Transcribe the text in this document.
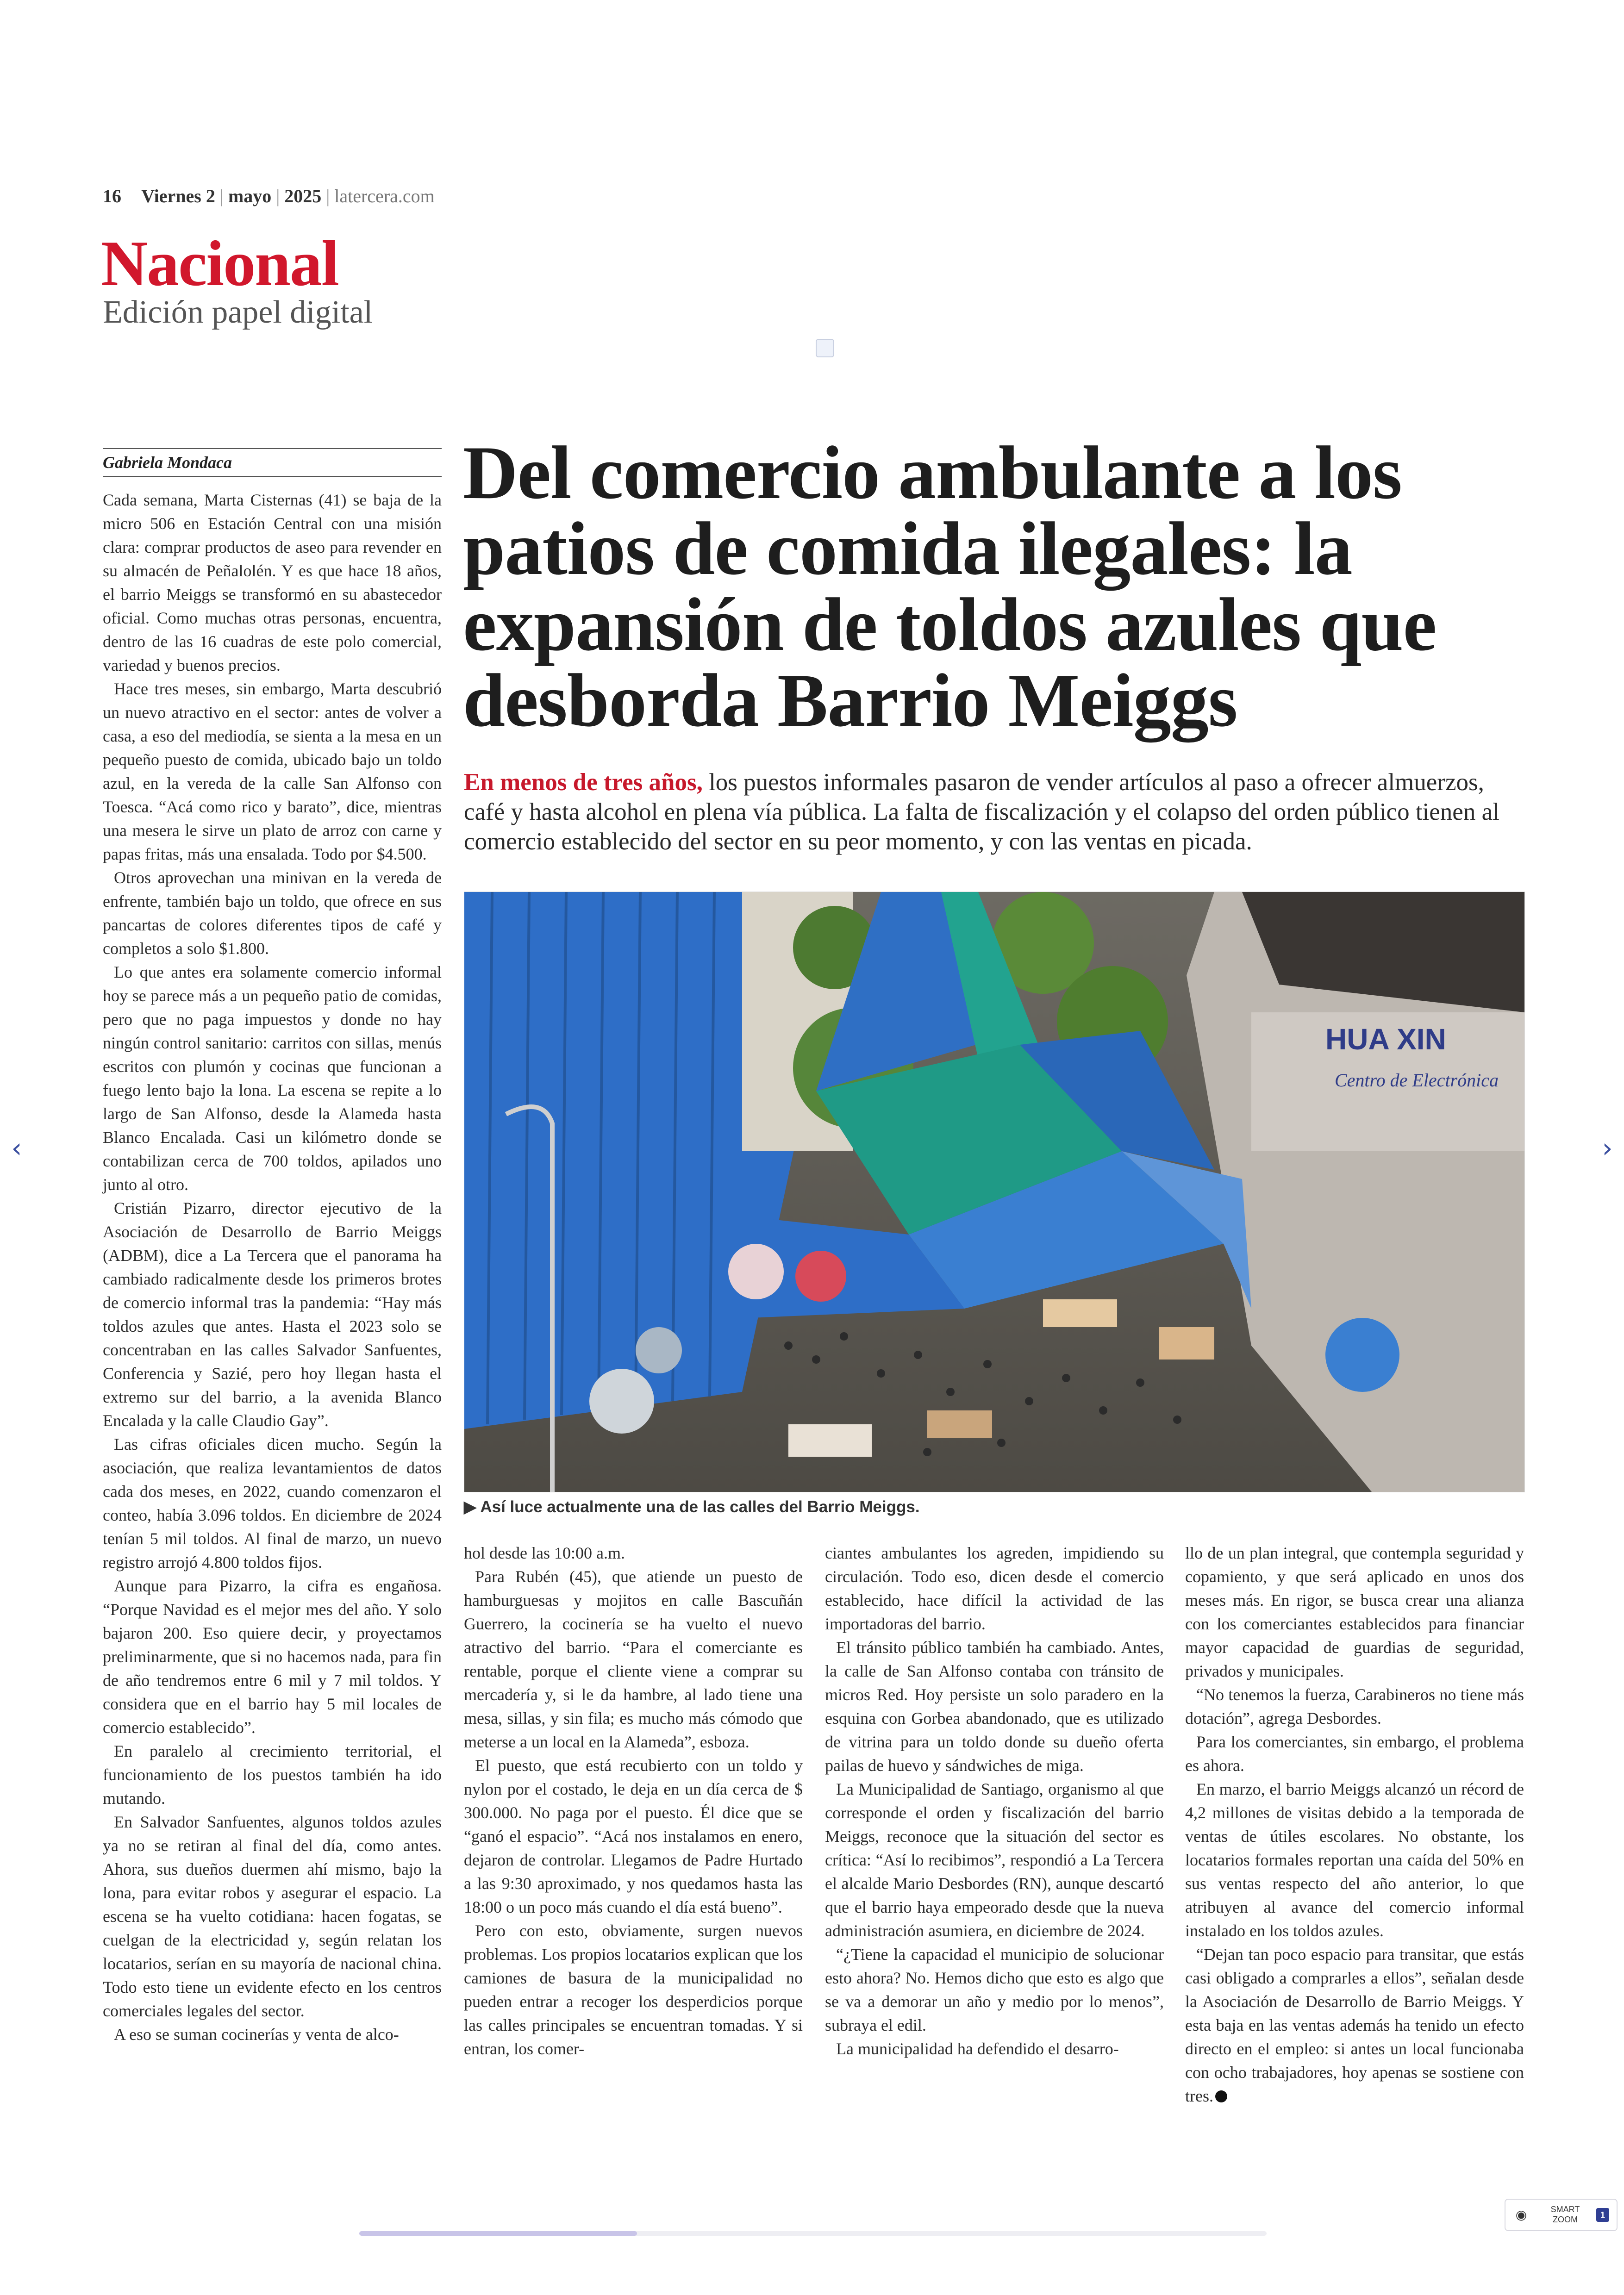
16 Viernes 2 | mayo | 2025 | latercera.com
Nacional
Edición papel digital
‹	›
Gabriela Mondaca	Del comercio ambulante a los patios de comida ilegales: la expansión de toldos azules que desborda Barrio Meiggs
En menos de tres años, los puestos informales pasaron de vender artículos al paso a ofrecer almuerzos, café y hasta alcohol en plena vía pública. La falta de fiscalización y el colapso del orden público tienen al comercio establecido del sector en su peor momento, y con las ventas en picada.
HUA XIN
Centro de Electrónica
▶ Así luce actualmente una de las calles del Barrio Meiggs.

Cada semana, Marta Cisternas (41) se baja de la micro 506 en Estación Central con una misión clara: comprar productos de aseo para revender en su almacén de Peñalolén. Y es que hace 18 años, el barrio Meiggs se transformó en su abastecedor oficial. Como muchas otras personas, encuentra, dentro de las 16 cuadras de este polo comercial, variedad y buenos precios.

Hace tres meses, sin embargo, Marta descubrió un nuevo atractivo en el sector: antes de volver a casa, a eso del mediodía, se sienta a la mesa en un pequeño puesto de comida, ubicado bajo un toldo azul, en la vereda de la calle San Alfonso con Toesca. “Acá como rico y barato”, dice, mientras una mesera le sirve un plato de arroz con carne y papas fritas, más una ensalada. Todo por $4.500.

Otros aprovechan una minivan en la vereda de enfrente, también bajo un toldo, que ofrece en sus pancartas de colores diferentes tipos de café y completos a solo $1.800.

Lo que antes era solamente comercio informal hoy se parece más a un pequeño patio de comidas, pero que no paga impuestos y donde no hay ningún control sanitario: carritos con sillas, menús escritos con plumón y cocinas que funcionan a fuego lento bajo la lona. La escena se repite a lo largo de San Alfonso, desde la Alameda hasta Blanco Encalada. Casi un kilómetro donde se contabilizan cerca de 700 toldos, apilados uno junto al otro.

Cristián Pizarro, director ejecutivo de la Asociación de Desarrollo de Barrio Meiggs (ADBM), dice a La Tercera que el panorama ha cambiado radicalmente desde los primeros brotes de comercio informal tras la pandemia: “Hay más toldos azules que antes. Hasta el 2023 solo se concentraban en las calles Salvador Sanfuentes, Conferencia y Sazié, pero hoy llegan hasta el extremo sur del barrio, a la avenida Blanco Encalada y la calle Claudio Gay”.

Las cifras oficiales dicen mucho. Según la asociación, que realiza levantamientos de datos cada dos meses, en 2022, cuando comenzaron el conteo, había 3.096 toldos. En diciembre de 2024 tenían 5 mil toldos. Al final de marzo, un nuevo registro arrojó 4.800 toldos fijos.

Aunque para Pizarro, la cifra es engañosa. “Porque Navidad es el mejor mes del año. Y solo bajaron 200. Eso quiere decir, y proyectamos preliminarmente, que si no hacemos nada, para fin de año tendremos entre 6 mil y 7 mil toldos. Y considera que en el barrio hay 5 mil locales de comercio establecido”.

En paralelo al crecimiento territorial, el funcionamiento de los puestos también ha ido mutando.

En Salvador Sanfuentes, algunos toldos azules ya no se retiran al final del día, como antes. Ahora, sus dueños duermen ahí mismo, bajo la lona, para evitar robos y asegurar el espacio. La escena se ha vuelto cotidiana: hacen fogatas, se cuelgan de la electricidad y, según relatan los locatarios, serían en su mayoría de nacional china. Todo esto tiene un evidente efecto en los centros comerciales legales del sector.

A eso se suman cocinerías y venta de alco-

hol desde las 10:00 a.m.

Para Rubén (45), que atiende un puesto de hamburguesas y mojitos en calle Bascuñán Guerrero, la cocinería se ha vuelto el nuevo atractivo del barrio. “Para el comerciante es rentable, porque el cliente viene a comprar su mercadería y, si le da hambre, al lado tiene una mesa, sillas, y sin fila; es mucho más cómodo que meterse a un local en la Alameda”, esboza.

El puesto, que está recubierto con un toldo y nylon por el costado, le deja en un día cerca de $ 300.000. No paga por el puesto. Él dice que se “ganó el espacio”. “Acá nos instalamos en enero, dejaron de controlar. Llegamos de Padre Hurtado a las 9:30 aproximado, y nos quedamos hasta las 18:00 o un poco más cuando el día está bueno”.

Pero con esto, obviamente, surgen nuevos problemas. Los propios locatarios explican que los camiones de basura de la municipalidad no pueden entrar a recoger los desperdicios porque las calles principales se encuentran tomadas. Y si entran, los comer-

ciantes ambulantes los agreden, impidiendo su circulación. Todo eso, dicen desde el comercio establecido, hace difícil la actividad de las importadoras del barrio.

El tránsito público también ha cambiado. Antes, la calle de San Alfonso contaba con tránsito de micros Red. Hoy persiste un solo paradero en la esquina con Gorbea abandonado, que es utilizado de vitrina para un toldo donde su dueño oferta pailas de huevo y sándwiches de miga.

La Municipalidad de Santiago, organismo al que corresponde el orden y fiscalización del barrio Meiggs, reconoce que la situación del sector es crítica: “Así lo recibimos”, respondió a La Tercera el alcalde Mario Desbordes (RN), aunque descartó que el barrio haya empeorado desde que la nueva administración asumiera, en diciembre de 2024.

“¿Tiene la capacidad el municipio de solucionar esto ahora? No. Hemos dicho que esto es algo que se va a demorar un año y medio por lo menos”, subraya el edil.

La municipalidad ha defendido el desarro-

llo de un plan integral, que contempla seguridad y copamiento, y que será aplicado en unos dos meses más. En rigor, se busca crear una alianza con los comerciantes establecidos para financiar mayor capacidad de guardias de seguridad, privados y municipales.

“No tenemos la fuerza, Carabineros no tiene más dotación”, agrega Desbordes.

Para los comerciantes, sin embargo, el problema es ahora.

En marzo, el barrio Meiggs alcanzó un récord de 4,2 millones de visitas debido a la temporada de ventas de útiles escolares. No obstante, los locatarios formales reportan una caída del 50% en sus ventas respecto del año anterior, lo que atribuyen al avance del comercio informal instalado en los toldos azules.

“Dejan tan poco espacio para transitar, que estás casi obligado a comprarles a ellos”, señalan desde la Asociación de Desarrollo de Barrio Meiggs. Y esta baja en las ventas además ha tenido un efecto directo en el empleo: si antes un local funcionaba con ocho trabajadores, hoy apenas se sostiene con tres.

◉	SMART ZOOM	1
